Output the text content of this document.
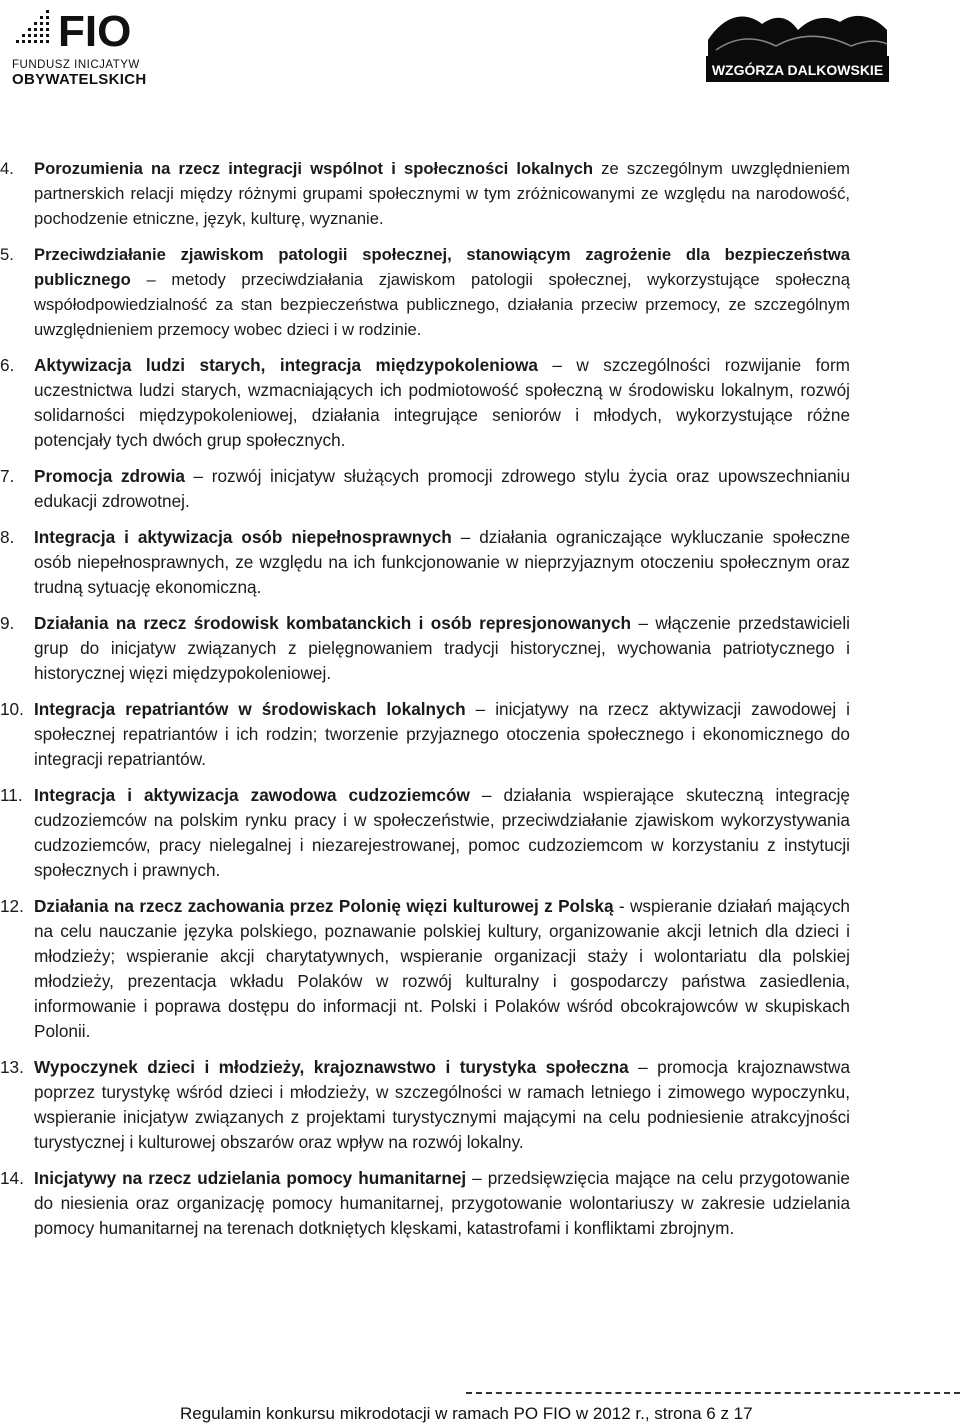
FIO
FUNDUSZ INICJATYW
OBYWATELSKICH
WZGÓRZA DALKOWSKIE
4. Porozumienia na rzecz integracji wspólnot i społeczności lokalnych ze szczególnym uwzględnieniem partnerskich relacji między różnymi grupami społecznymi w tym zróżnicowanymi ze względu na narodowość, pochodzenie etniczne, język, kulturę, wyznanie.
5. Przeciwdziałanie zjawiskom patologii społecznej, stanowiącym zagrożenie dla bezpieczeństwa publicznego – metody przeciwdziałania zjawiskom patologii społecznej, wykorzystujące społeczną współodpowiedzialność za stan bezpieczeństwa publicznego, działania przeciw przemocy, ze szczególnym uwzględnieniem przemocy wobec dzieci i w rodzinie.
6. Aktywizacja ludzi starych, integracja międzypokoleniowa – w szczególności rozwijanie form uczestnictwa ludzi starych, wzmacniających ich podmiotowość społeczną w środowisku lokalnym, rozwój solidarności międzypokoleniowej, działania integrujące seniorów i młodych, wykorzystujące różne potencjały tych dwóch grup społecznych.
7. Promocja zdrowia – rozwój inicjatyw służących promocji zdrowego stylu życia oraz upowszechnianiu edukacji zdrowotnej.
8. Integracja i aktywizacja osób niepełnosprawnych – działania ograniczające wykluczanie społeczne osób niepełnosprawnych, ze względu na ich funkcjonowanie w nieprzyjaznym otoczeniu społecznym oraz trudną sytuację ekonomiczną.
9. Działania na rzecz środowisk kombatanckich i osób represjonowanych – włączenie przedstawicieli grup do inicjatyw związanych z pielęgnowaniem tradycji historycznej, wychowania patriotycznego i historycznej więzi międzypokoleniowej.
10. Integracja repatriantów w środowiskach lokalnych – inicjatywy na rzecz aktywizacji zawodowej i społecznej repatriantów i ich rodzin; tworzenie przyjaznego otoczenia społecznego i ekonomicznego do integracji repatriantów.
11. Integracja i aktywizacja zawodowa cudzoziemców – działania wspierające skuteczną integrację cudzoziemców na polskim rynku pracy i w społeczeństwie, przeciwdziałanie zjawiskom wykorzystywania cudzoziemców, pracy nielegalnej i niezarejestrowanej, pomoc cudzoziemcom w korzystaniu z instytucji społecznych i prawnych.
12. Działania na rzecz zachowania przez Polonię więzi kulturowej z Polską - wspieranie działań mających na celu nauczanie języka polskiego, poznawanie polskiej kultury, organizowanie akcji letnich dla dzieci i młodzieży; wspieranie akcji charytatywnych, wspieranie organizacji staży i wolontariatu dla polskiej młodzieży, prezentacja wkładu Polaków w rozwój kulturalny i gospodarczy państwa zasiedlenia, informowanie i poprawa dostępu do informacji nt. Polski i Polaków wśród obcokrajowców w skupiskach Polonii.
13. Wypoczynek dzieci i młodzieży, krajoznawstwo i turystyka społeczna – promocja krajoznawstwa poprzez turystykę wśród dzieci i młodzieży, w szczególności w ramach letniego i zimowego wypoczynku, wspieranie inicjatyw związanych z projektami turystycznymi mającymi na celu podniesienie atrakcyjności turystycznej i kulturowej obszarów oraz wpływ na rozwój lokalny.
14. Inicjatywy na rzecz udzielania pomocy humanitarnej – przedsięwzięcia mające na celu przygotowanie do niesienia oraz organizację pomocy humanitarnej, przygotowanie wolontariuszy w zakresie udzielania pomocy humanitarnej na terenach dotkniętych klęskami, katastrofami i konfliktami zbrojnym.
Regulamin konkursu mikrodotacji w ramach PO FIO w 2012 r., strona 6 z 17
